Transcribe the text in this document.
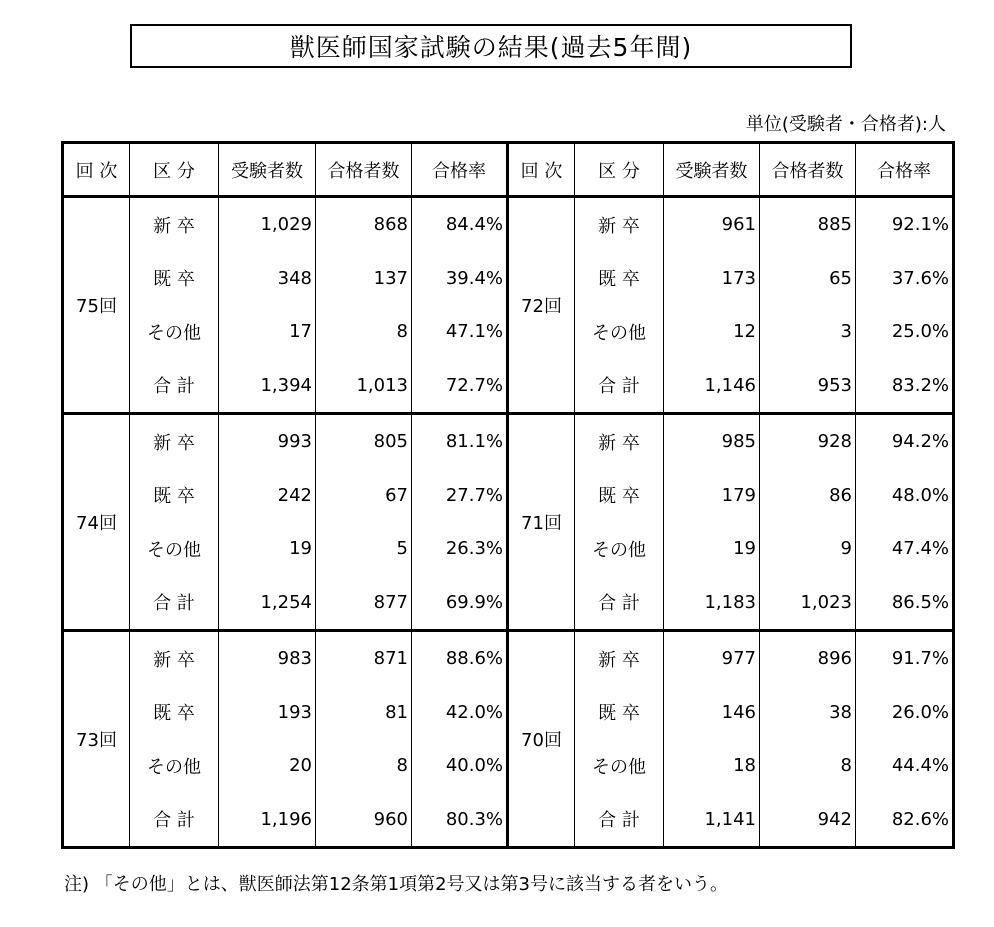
獣医師国家試験の結果(過去5年間)
単位(受験者・合格者):人
回 次	区 分	受験者数	合格者数	合格率	回 次	区 分	受験者数	合格者数	合格率
75回	新 卒	1,029	868	84.4%	72回	新 卒	961	885	92.1%
	既 卒	348	137	39.4%		既 卒	173	65	37.6%
	その他	17	8	47.1%		その他	12	3	25.0%
	合 計	1,394	1,013	72.7%		合 計	1,146	953	83.2%
74回	新 卒	993	805	81.1%	71回	新 卒	985	928	94.2%
	既 卒	242	67	27.7%		既 卒	179	86	48.0%
	その他	19	5	26.3%		その他	19	9	47.4%
	合 計	1,254	877	69.9%		合 計	1,183	1,023	86.5%
73回	新 卒	983	871	88.6%	70回	新 卒	977	896	91.7%
	既 卒	193	81	42.0%		既 卒	146	38	26.0%
	その他	20	8	40.0%		その他	18	8	44.4%
	合 計	1,196	960	80.3%		合 計	1,141	942	82.6%
注) 「その他」とは、獣医師法第12条第1項第2号又は第3号に該当する者をいう。
